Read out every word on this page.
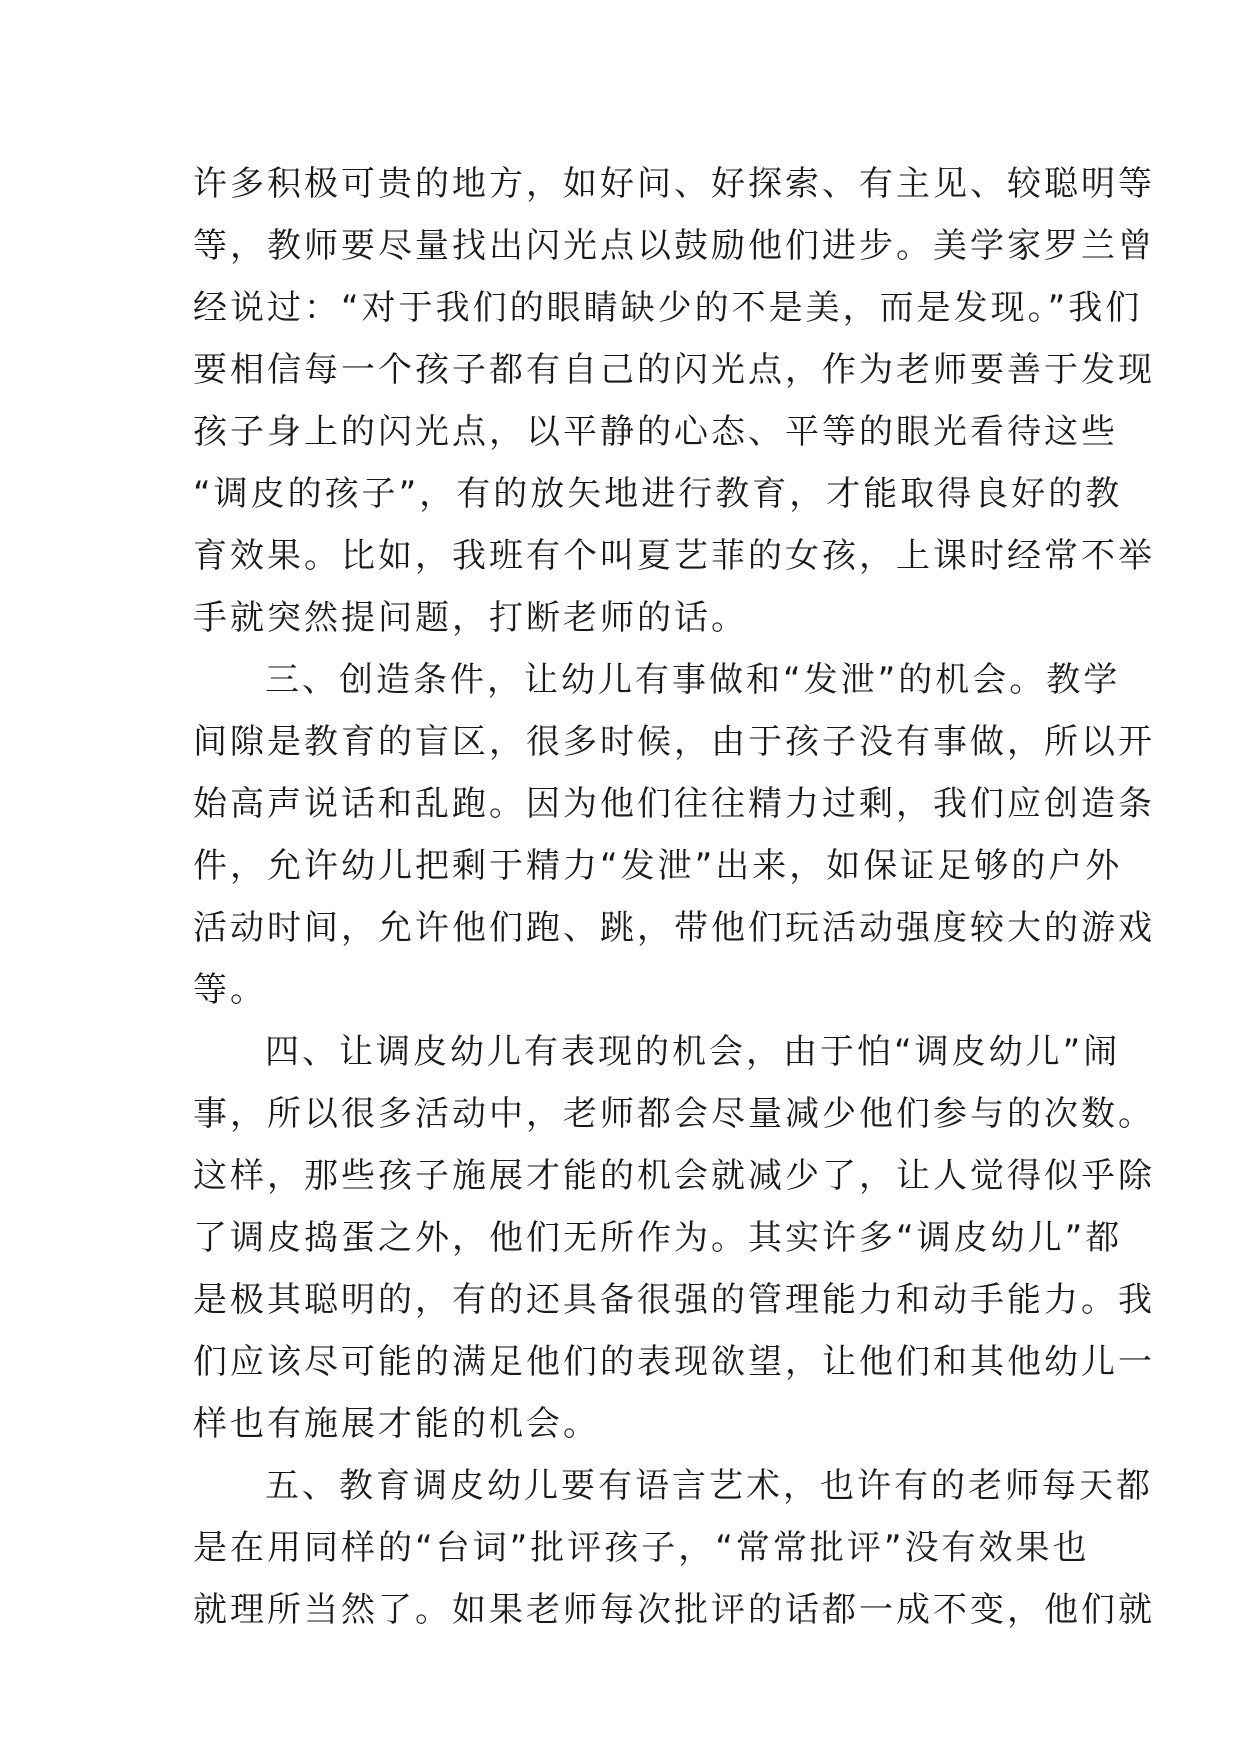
许多积极可贵的地方，如好问、好探索、有主见、较聪明等
等，教师要尽量找出闪光点以鼓励他们进步。美学家罗兰曾
经说过：“对于我们的眼睛缺少的不是美，而是发现。”我们
要相信每一个孩子都有自己的闪光点，作为老师要善于发现
孩子身上的闪光点，以平静的心态、平等的眼光看待这些
“调皮的孩子”，有的放矢地进行教育，才能取得良好的教
育效果。比如，我班有个叫夏艺菲的女孩，上课时经常不举
手就突然提问题，打断老师的话。
三、创造条件，让幼儿有事做和“发泄”的机会。教学
间隙是教育的盲区，很多时候，由于孩子没有事做，所以开
始高声说话和乱跑。因为他们往往精力过剩，我们应创造条
件，允许幼儿把剩于精力“发泄”出来，如保证足够的户外
活动时间，允许他们跑、跳，带他们玩活动强度较大的游戏
等。
四、让调皮幼儿有表现的机会，由于怕“调皮幼儿”闹
事，所以很多活动中，老师都会尽量减少他们参与的次数。
这样，那些孩子施展才能的机会就减少了，让人觉得似乎除
了调皮捣蛋之外，他们无所作为。其实许多“调皮幼儿”都
是极其聪明的，有的还具备很强的管理能力和动手能力。我
们应该尽可能的满足他们的表现欲望，让他们和其他幼儿一
样也有施展才能的机会。
五、教育调皮幼儿要有语言艺术，也许有的老师每天都
是在用同样的“台词”批评孩子，“常常批评”没有效果也
就理所当然了。如果老师每次批评的话都一成不变，他们就
